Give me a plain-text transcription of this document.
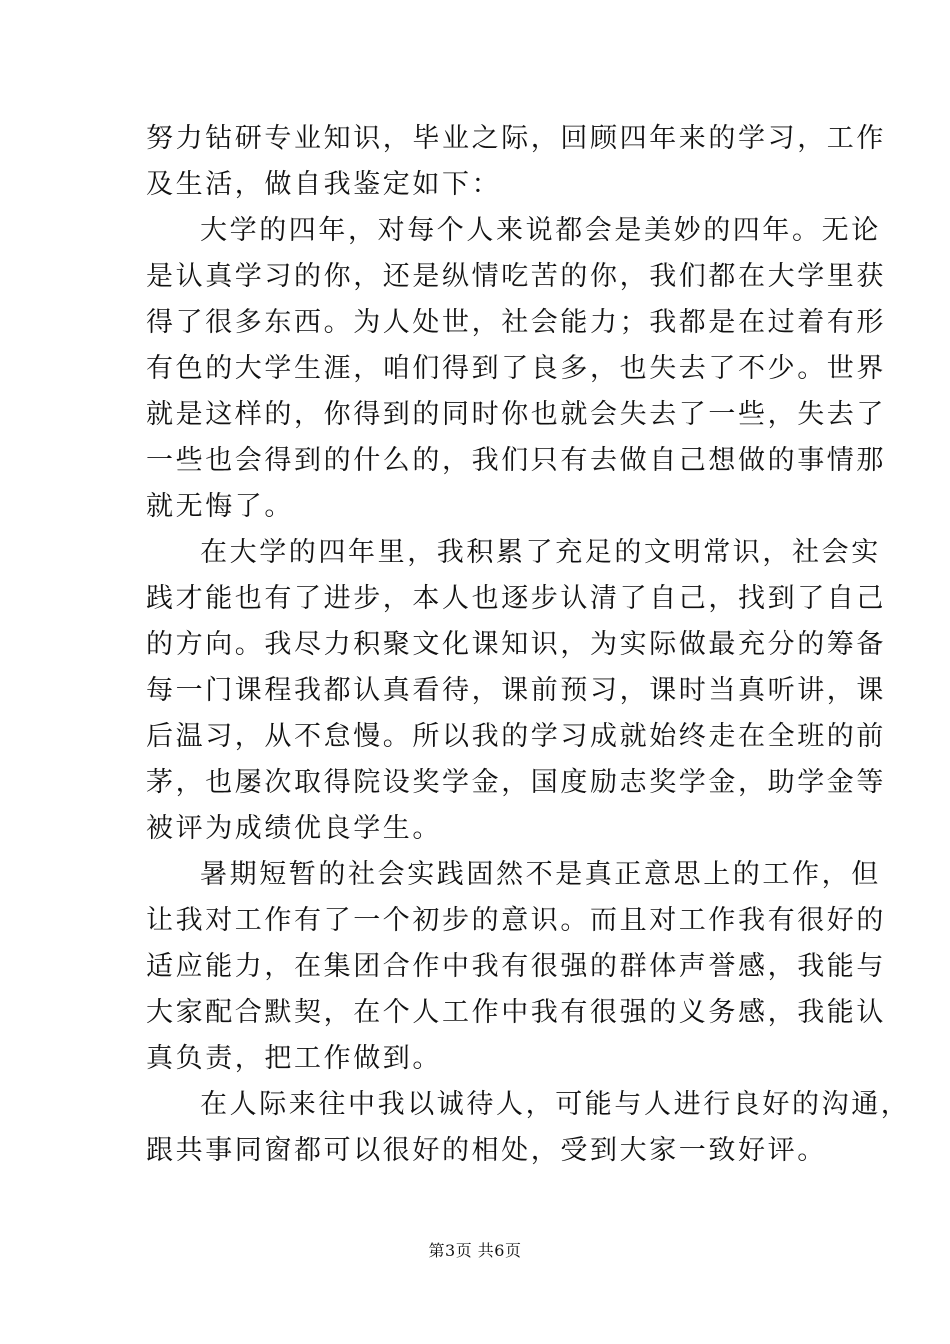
努力钻研专业知识，毕业之际，回顾四年来的学习，工作
及生活，做自我鉴定如下：
大学的四年，对每个人来说都会是美妙的四年。无论
是认真学习的你，还是纵情吃苦的你，我们都在大学里获
得了很多东西。为人处世，社会能力；我都是在过着有形
有色的大学生涯，咱们得到了良多，也失去了不少。世界
就是这样的，你得到的同时你也就会失去了一些，失去了
一些也会得到的什么的，我们只有去做自己想做的事情那
就无悔了。
在大学的四年里，我积累了充足的文明常识，社会实
践才能也有了进步，本人也逐步认清了自己，找到了自己
的方向。我尽力积聚文化课知识，为实际做最充分的筹备
每一门课程我都认真看待，课前预习，课时当真听讲，课
后温习，从不怠慢。所以我的学习成就始终走在全班的前
茅，也屡次取得院设奖学金，国度励志奖学金，助学金等
被评为成绩优良学生。
暑期短暂的社会实践固然不是真正意思上的工作，但
让我对工作有了一个初步的意识。而且对工作我有很好的
适应能力，在集团合作中我有很强的群体声誉感，我能与
大家配合默契，在个人工作中我有很强的义务感，我能认
真负责，把工作做到。
在人际来往中我以诚待人，可能与人进行良好的沟通，
跟共事同窗都可以很好的相处，受到大家一致好评。
第3页 共6页
